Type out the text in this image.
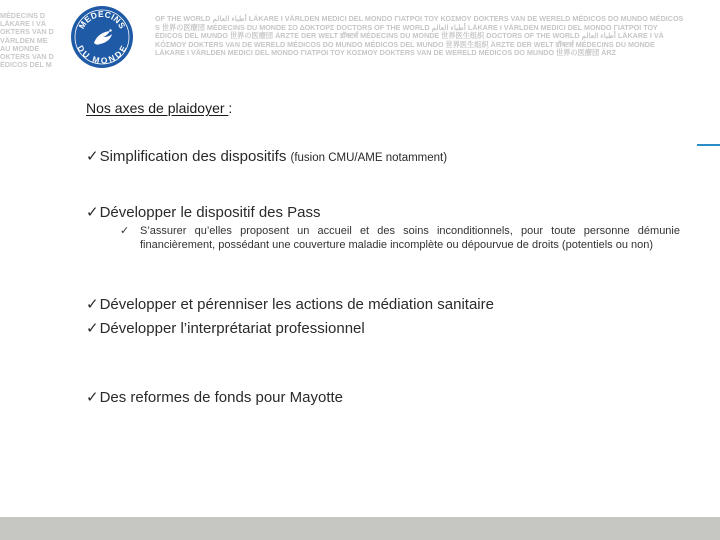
MÉDECINS D
LÄKARE I VÄ
OKTERS VAN D
VÄRLDEN ME
AU MONDE
OKTERS VAN D
ÉDICOS DEL M
MEDECINS
DU MONDE
OF THE WORLD أطباء العالم LÄKARE I VÄRLDEN MEDICI DEL MONDO ΓΙΑΤΡΟΙ ΤΟΥ ΚΟΣΜΟΥ DOKTERS VAN DE WERELD MÉDICOS DO MUNDO MÉDICOS
S 世界の医療団 MÉDECINS DU MONDE ΣΟ ΔΟΚΤΟΡΣ DOCTORS OF THE WORLD أطباء العالم LÄKARE I VÄRLDEN MEDICI DEL MONDO ΓΙΑΤΡΟΙ ΤΟΥ
ÉDICOS DEL MUNDO 世界の医療団 ÄRZTE DER WELT डॉक्टर्स MÉDECINS DU MONDE 世界医生组织 DOCTORS OF THE WORLD أطباء العالم LÄKARE I VÄ
KÓΣΜΟΥ DOKTERS VAN DE WERELD MÉDICOS DO MUNDO MÉDICOS DEL MUNDO 世界医生组织 ÄRZTE DER WELT डॉक्टर्स MÉDECINS DU MONDE
LÄKARE I VÄRLDEN MEDICI DEL MONDO ΓΙΑΤΡΟΙ ΤΟΥ ΚΟΣΜΟΥ DOKTERS VAN DE WERELD MÉDICOS DO MUNDO 世界の医療団 ÁRZ
Nos axes de plaidoyer :
✓Simplification des dispositifs (fusion CMU/AME notamment)
✓Développer le dispositif des Pass
✓ S’assurer qu’elles proposent un accueil et des soins inconditionnels, pour toute personne démunie financièrement, possédant une couverture maladie incomplète ou dépourvue de droits (potentiels ou non)
✓Développer et pérenniser les actions de médiation sanitaire
✓Développer l’interprétariat professionnel
✓Des reformes de fonds pour Mayotte
